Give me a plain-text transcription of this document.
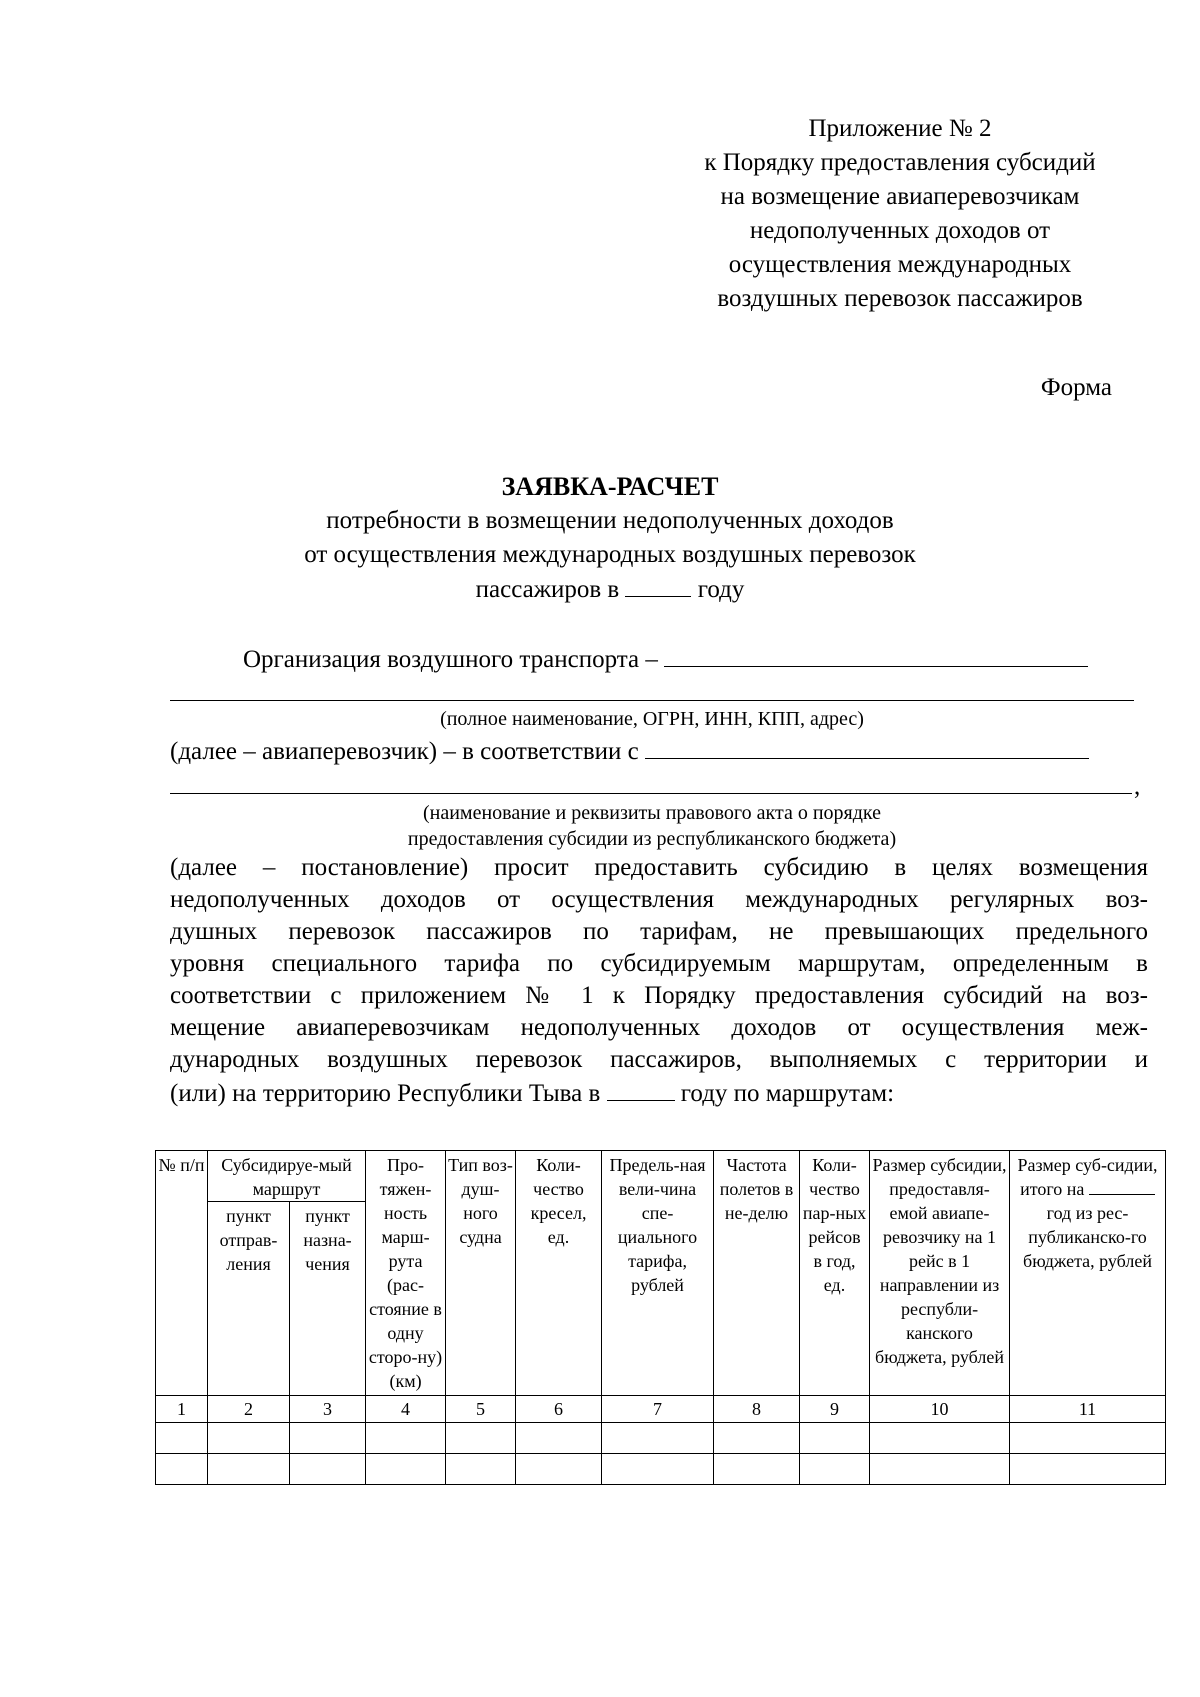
Приложение № 2
к Порядку предоставления субсидий
на возмещение авиаперевозчикам
недополученных доходов от
осуществления международных
воздушных перевозок пассажиров
Форма
ЗАЯВКА-РАСЧЕТ
потребности в возмещении недополученных доходов
от осуществления международных воздушных перевозок
пассажиров в	году
Организация воздушного транспорта –
(полное наименование, ОГРН, ИНН, КПП, адрес)
(далее – авиаперевозчик) – в соответствии с
,
(наименование и реквизиты правового акта о порядке
предоставления субсидии из республиканского бюджета)
(далее – постановление) просит предоставить субсидию в целях возмещения
недополученных доходов от осуществления международных регулярных воз-
душных перевозок пассажиров по тарифам, не превышающих предельного
уровня специального тарифа по субсидируемым маршрутам, определенным в
соответствии с приложением № 1 к Порядку предоставления субсидий на воз-
мещение авиаперевозчикам недополученных доходов от осуществления меж-
дународных воздушных перевозок пассажиров, выполняемых с территории и
(или) на территорию Республики Тыва в	году по маршрутам:
№ п/п	Субсидируе-мый маршрут		Про-тяжен-ность марш-рута (рас-стояние в одну сторо-ну) (км)	Тип воз-душ-ного судна	Коли-чество кресел, ед.	Предель-ная вели-чина спе-циального тарифа, рублей	Частота полетов в не-делю	Коли-чество пар-ных рейсов в год, ед.	Размер субсидии, предоставля-емой авиапе-ревозчику на 1 рейс в 1 направлении из республи-канского бюджета, рублей	Размер суб-сидии, итого на  год из рес-публиканско-го бюджета, рублей
	пункт отправ-ления	пункт назна-чения								
1	2	3	4	5	6	7	8	9	10	11
